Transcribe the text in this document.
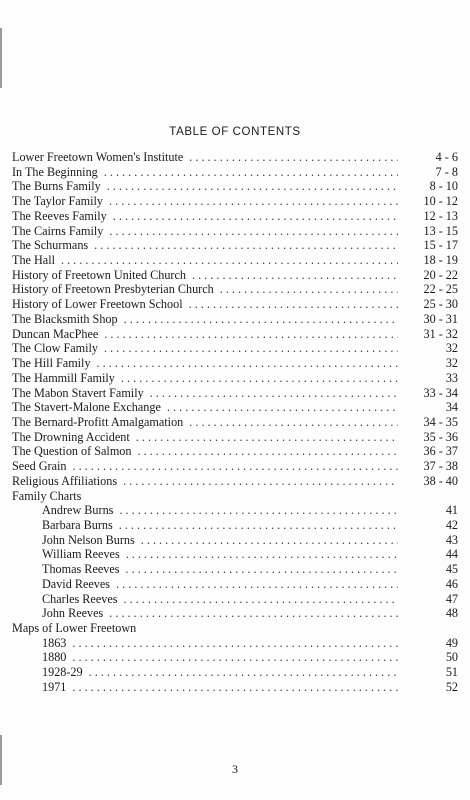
TABLE OF CONTENTS
Lower Freetown Women's Institute . . .	4 - 6
In The Beginning . . .	7 - 8
The Burns Family . . .	8 - 10
The Taylor Family . . .	10 - 12
The Reeves Family . . .	12 - 13
The Cairns Family . . .	13 - 15
The Schurmans . . .	15 - 17
The Hall . . .	18 - 19
History of Freetown United Church . . .	20 - 22
History of Freetown Presbyterian Church . . .	22 - 25
History of Lower Freetown School . . .	25 - 30
The Blacksmith Shop . . .	30 - 31
Duncan MacPhee . . .	31 - 32
The Clow Family . . .	32
The Hill Family . . .	32
The Hammill Family . . .	33
The Mabon Stavert Family . . .	33 - 34
The Stavert-Malone Exchange . . .	34
The Bernard-Profitt Amalgamation . . .	34 - 35
The Drowning Accident . . .	35 - 36
The Question of Salmon . . .	36 - 37
Seed Grain . . .	37 - 38
Religious Affiliations . . .	38 - 40
Family Charts
Andrew Burns . . .	41
Barbara Burns . . .	42
John Nelson Burns . . .	43
William Reeves . . .	44
Thomas Reeves . . .	45
David Reeves . . .	46
Charles Reeves . . .	47
John Reeves . . .	48
Maps of Lower Freetown
1863 . . .	49
1880 . . .	50
1928-29 . . .	51
1971 . . .	52
3
